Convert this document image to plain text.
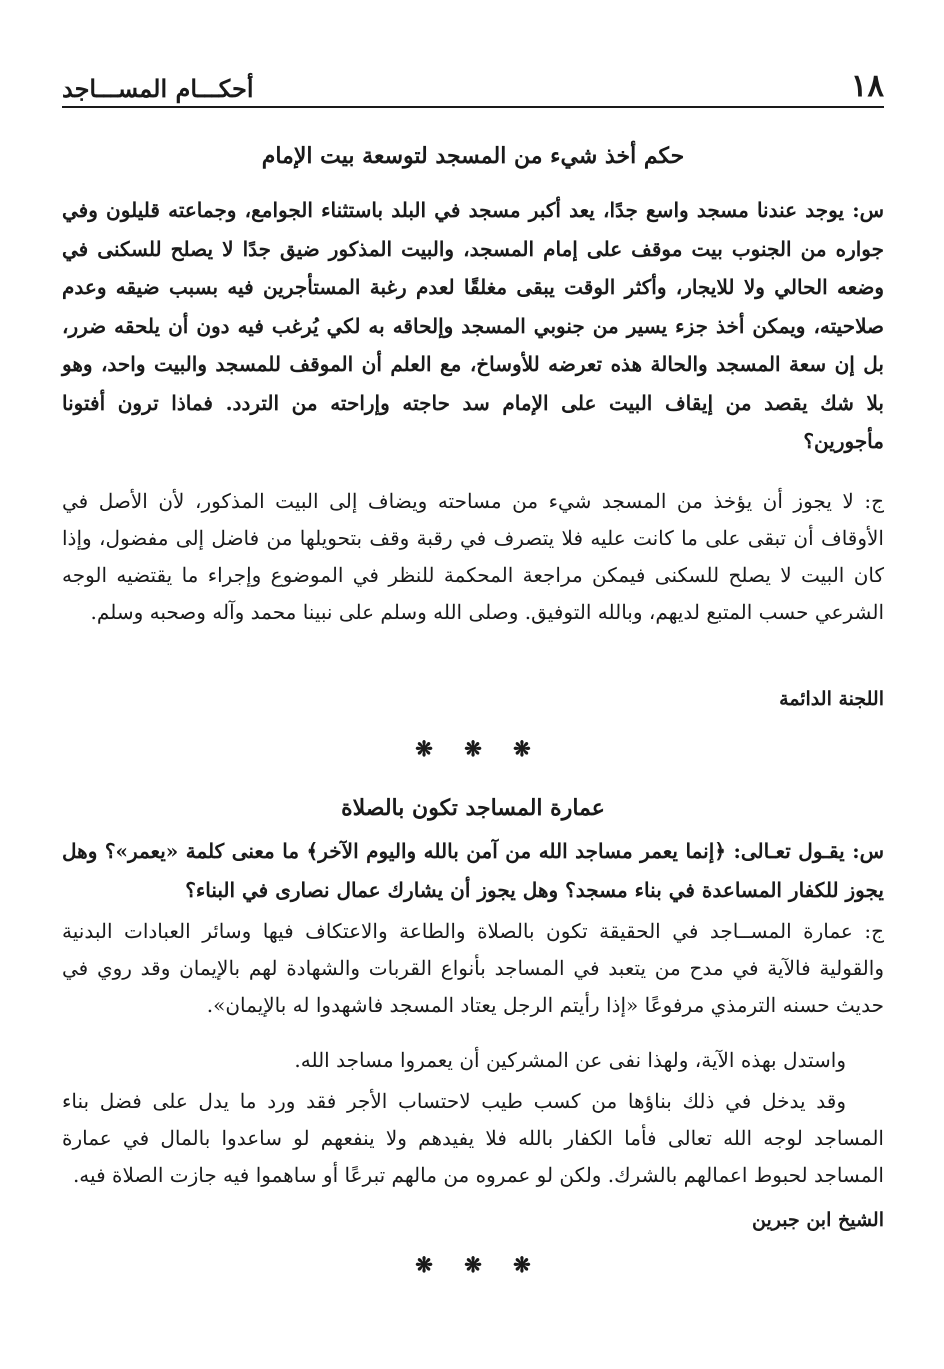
١٨
أحكـــام المســـاجد
حكم أخذ شيء من المسجد لتوسعة بيت الإمام

س: يوجد عندنا مسجد واسع جدًا، يعد أكبر مسجد في البلد باستثناء الجوامع، وجماعته قليلون وفي جواره من الجنوب بيت موقف على إمام المسجد، والبيت المذكور ضيق جدًا لا يصلح للسكنى في وضعه الحالي ولا للايجار، وأكثر الوقت يبقى مغلقًا لعدم رغبة المستأجرين فيه بسبب ضيقه وعدم صلاحيته، ويمكن أخذ جزء يسير من جنوبي المسجد وإلحاقه به لكي يُرغب فيه دون أن يلحقه ضرر، بل إن سعة المسجد والحالة هذه تعرضه للأوساخ، مع العلم أن الموقف للمسجد والبيت واحد، وهو بلا شك يقصد من إيقاف البيت على الإمام سد حاجته وإراحته من التردد. فماذا ترون أفتونا مأجورين؟

ج: لا يجوز أن يؤخذ من المسجد شيء من مساحته ويضاف إلى البيت المذكور، لأن الأصل في الأوقاف أن تبقى على ما كانت عليه فلا يتصرف في رقبة وقف بتحويلها من فاضل إلى مفضول، وإذا كان البيت لا يصلح للسكنى فيمكن مراجعة المحكمة للنظر في الموضوع وإجراء ما يقتضيه الوجه الشرعي حسب المتبع لديهم، وبالله التوفيق. وصلى الله وسلم على نبينا محمد وآله وصحبه وسلم.

اللجنة الدائمة

❋ ❋ ❋
عمارة المساجد تكون بالصلاة

س: يقـول تعـالى: ﴿إنما يعمر مساجد الله من آمن بالله واليوم الآخر﴾ ما معنى كلمة «يعمر»؟ وهل يجوز للكفار المساعدة في بناء مسجد؟ وهل يجوز أن يشارك عمال نصارى في البناء؟

ج: عمارة المســاجد في الحقيقة تكون بالصلاة والطاعة والاعتكاف فيها وسائر العبادات البدنية والقولية فالآية في مدح من يتعبد في المساجد بأنواع القربات والشهادة لهم بالإيمان وقد روي في حديث حسنه الترمذي مرفوعًا «إذا رأيتم الرجل يعتاد المسجد فاشهدوا له بالإيمان».

واستدل بهذه الآية، ولهذا نفى عن المشركين أن يعمروا مساجد الله.

وقد يدخل في ذلك بناؤها من كسب طيب لاحتساب الأجر فقد ورد ما يدل على فضل بناء المساجد لوجه الله تعالى فأما الكفار بالله فلا يفيدهم ولا ينفعهم لو ساعدوا بالمال في عمارة المساجد لحبوط اعمالهم بالشرك. ولكن لو عمروه من مالهم تبرعًا أو ساهموا فيه جازت الصلاة فيه.

الشيخ ابن جبرين

❋ ❋ ❋
